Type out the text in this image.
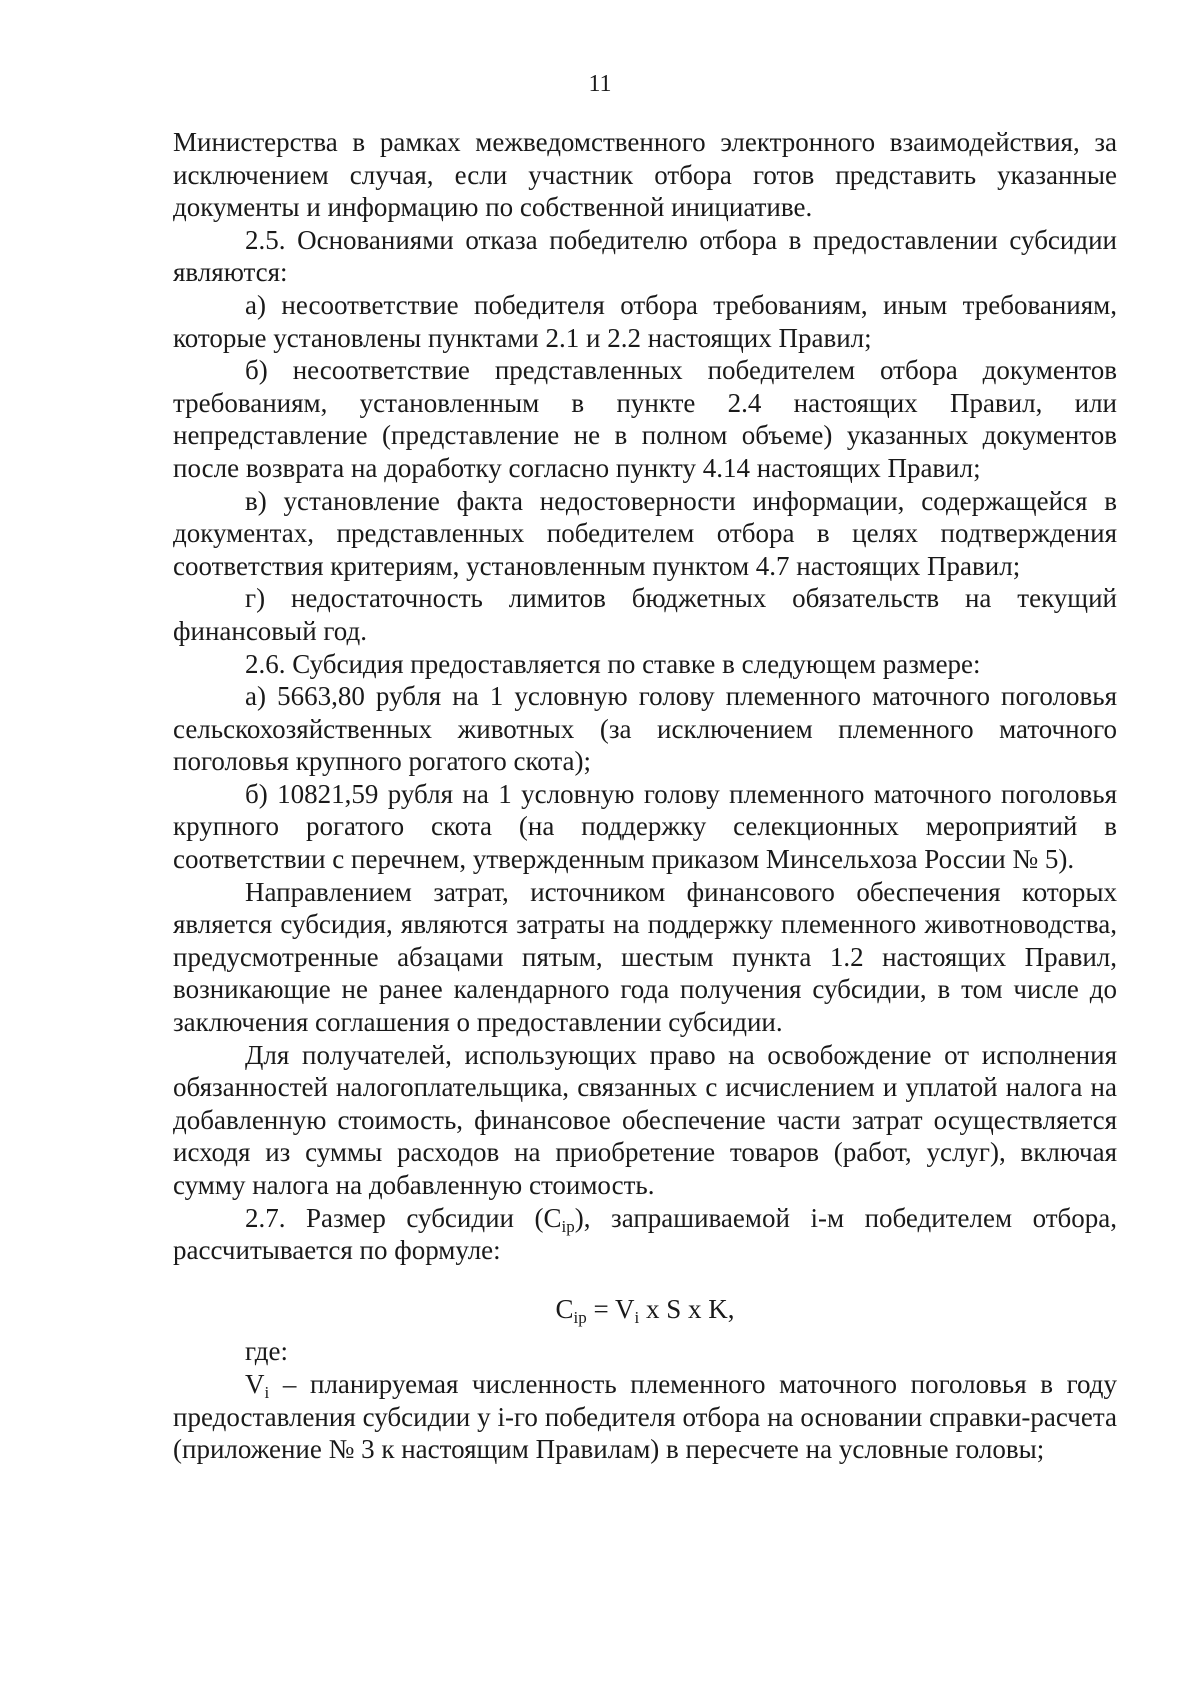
11

Министерства в рамках межведомственного электронного взаимодействия, за исключением случая, если участник отбора готов представить указанные документы и информацию по собственной инициативе.

2.5. Основаниями отказа победителю отбора в предоставлении субсидии являются:

а) несоответствие победителя отбора требованиям, иным требованиям, которые установлены пунктами 2.1 и 2.2 настоящих Правил;

б) несоответствие представленных победителем отбора документов требованиям, установленным в пункте 2.4 настоящих Правил, или непредставление (представление не в полном объеме) указанных документов после возврата на доработку согласно пункту 4.14 настоящих Правил;

в) установление факта недостоверности информации, содержащейся в документах, представленных победителем отбора в целях подтверждения соответствия критериям, установленным пунктом 4.7 настоящих Правил;

г) недостаточность лимитов бюджетных обязательств на текущий финансовый год.

2.6. Субсидия предоставляется по ставке в следующем размере:

а) 5663,80 рубля на 1 условную голову племенного маточного поголовья сельскохозяйственных животных (за исключением племенного маточного поголовья крупного рогатого скота);

б) 10821,59 рубля на 1 условную голову племенного маточного поголовья крупного рогатого скота (на поддержку селекционных мероприятий в соответствии с перечнем, утвержденным приказом Минсельхоза России № 5).

Направлением затрат, источником финансового обеспечения которых является субсидия, являются затраты на поддержку племенного животноводства, предусмотренные абзацами пятым, шестым пункта 1.2 настоящих Правил, возникающие не ранее календарного года получения субсидии, в том числе до заключения соглашения о предоставлении субсидии.

Для получателей, использующих право на освобождение от исполнения обязанностей налогоплательщика, связанных с исчислением и уплатой налога на добавленную стоимость, финансовое обеспечение части затрат осуществляется исходя из суммы расходов на приобретение товаров (работ, услуг), включая сумму налога на добавленную стоимость.

2.7. Размер субсидии $(С_{ip})$, запрашиваемой i-м победителем отбора, рассчитывается по формуле:

$С_{ip} = V_i$ x S x K,

где:

$V_i$ – планируемая численность племенного маточного поголовья в году предоставления субсидии у i-го победителя отбора на основании справки-расчета (приложение № 3 к настоящим Правилам) в пересчете на условные головы;
